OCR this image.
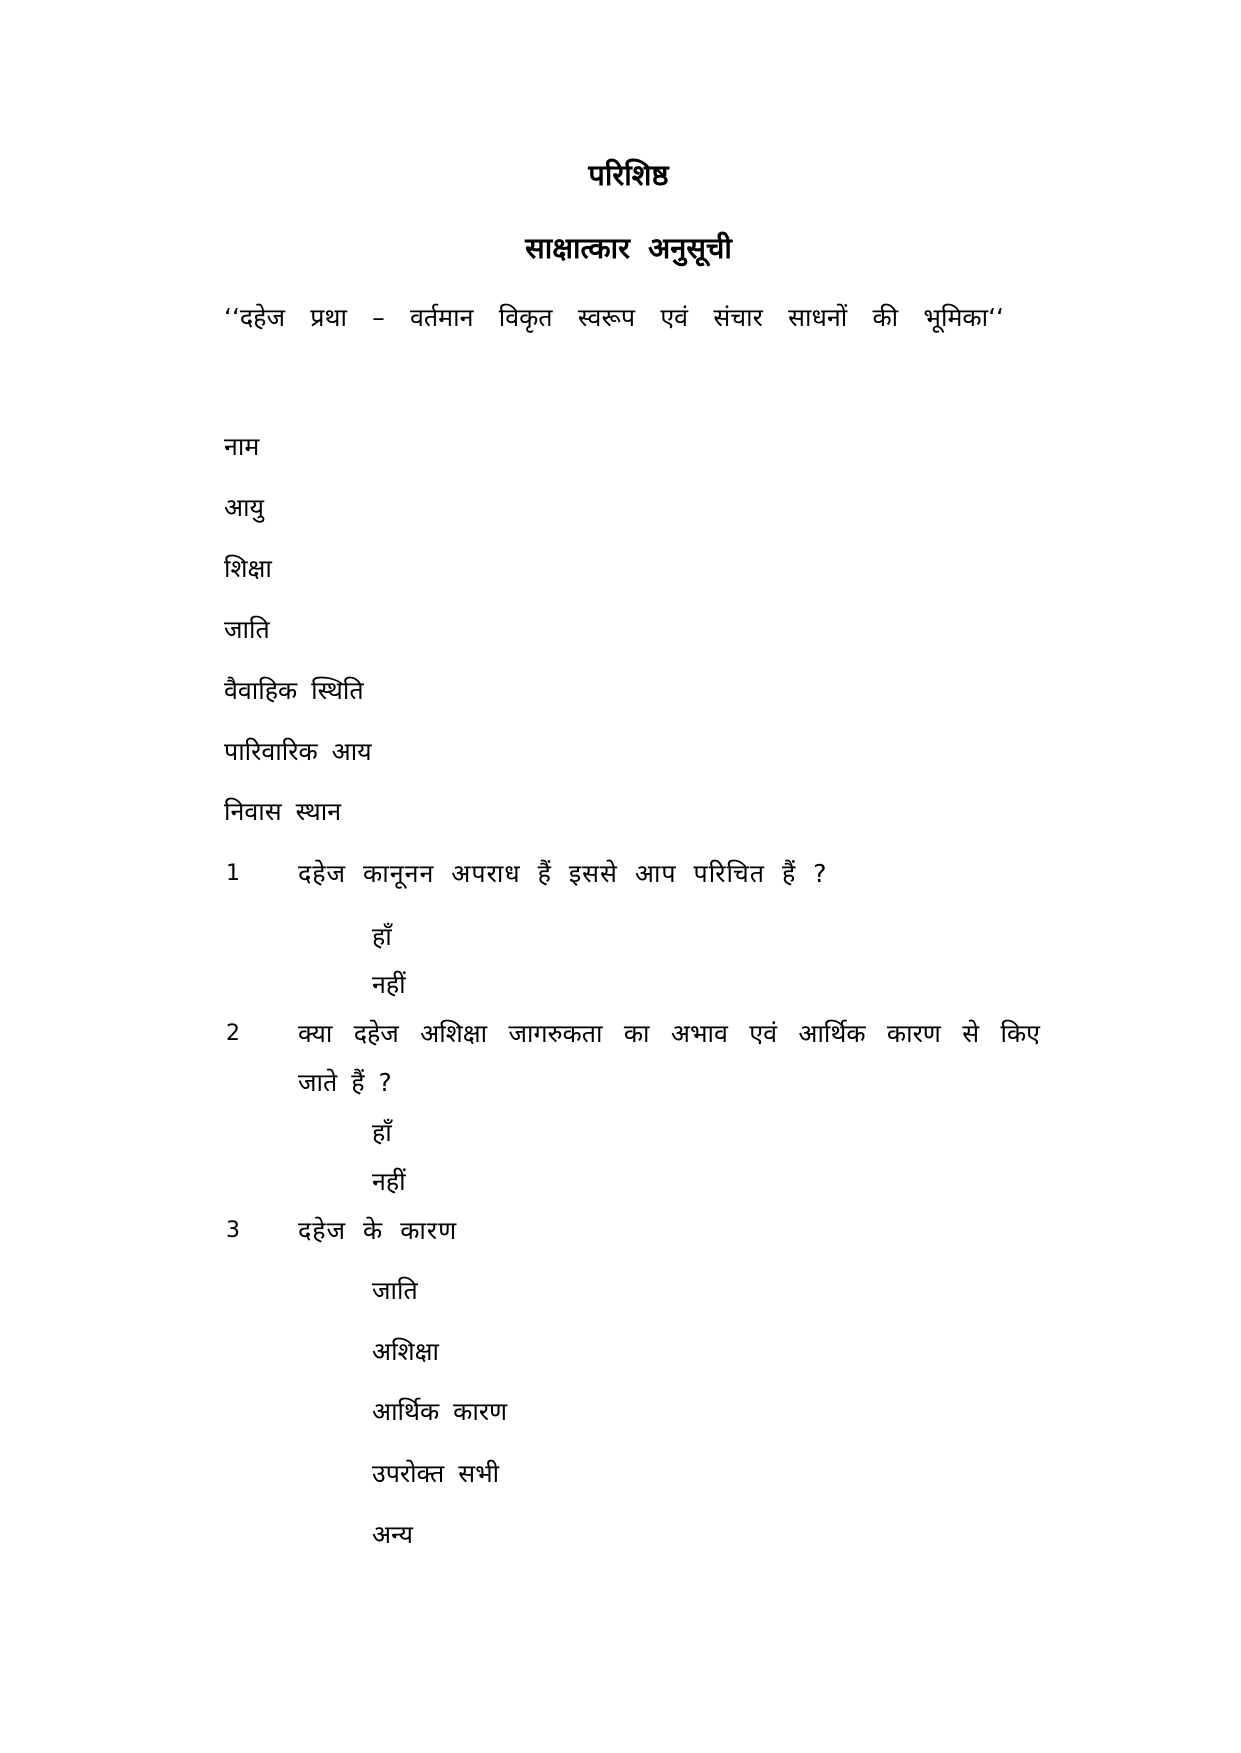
परिशिष्ठ
साक्षात्कार अनुसूची
‘‘दहेज प्रथा – वर्तमान विकृत स्वरूप एवं संचार साधनों की भूमिका‘‘
नाम
आयु
शिक्षा
जाति
वैवाहिक स्थिति
पारिवारिक आय
निवास स्थान
1 दहेज कानूनन अपराध हैं इससे आप परिचित हैं ?
हाँ
नहीं
2 क्या दहेज अशिक्षा जागरुकता का अभाव एवं आर्थिक कारण से किए
जाते हैं ?
हाँ
नहीं
3 दहेज के कारण
जाति
अशिक्षा
आर्थिक कारण
उपरोक्त सभी
अन्य
